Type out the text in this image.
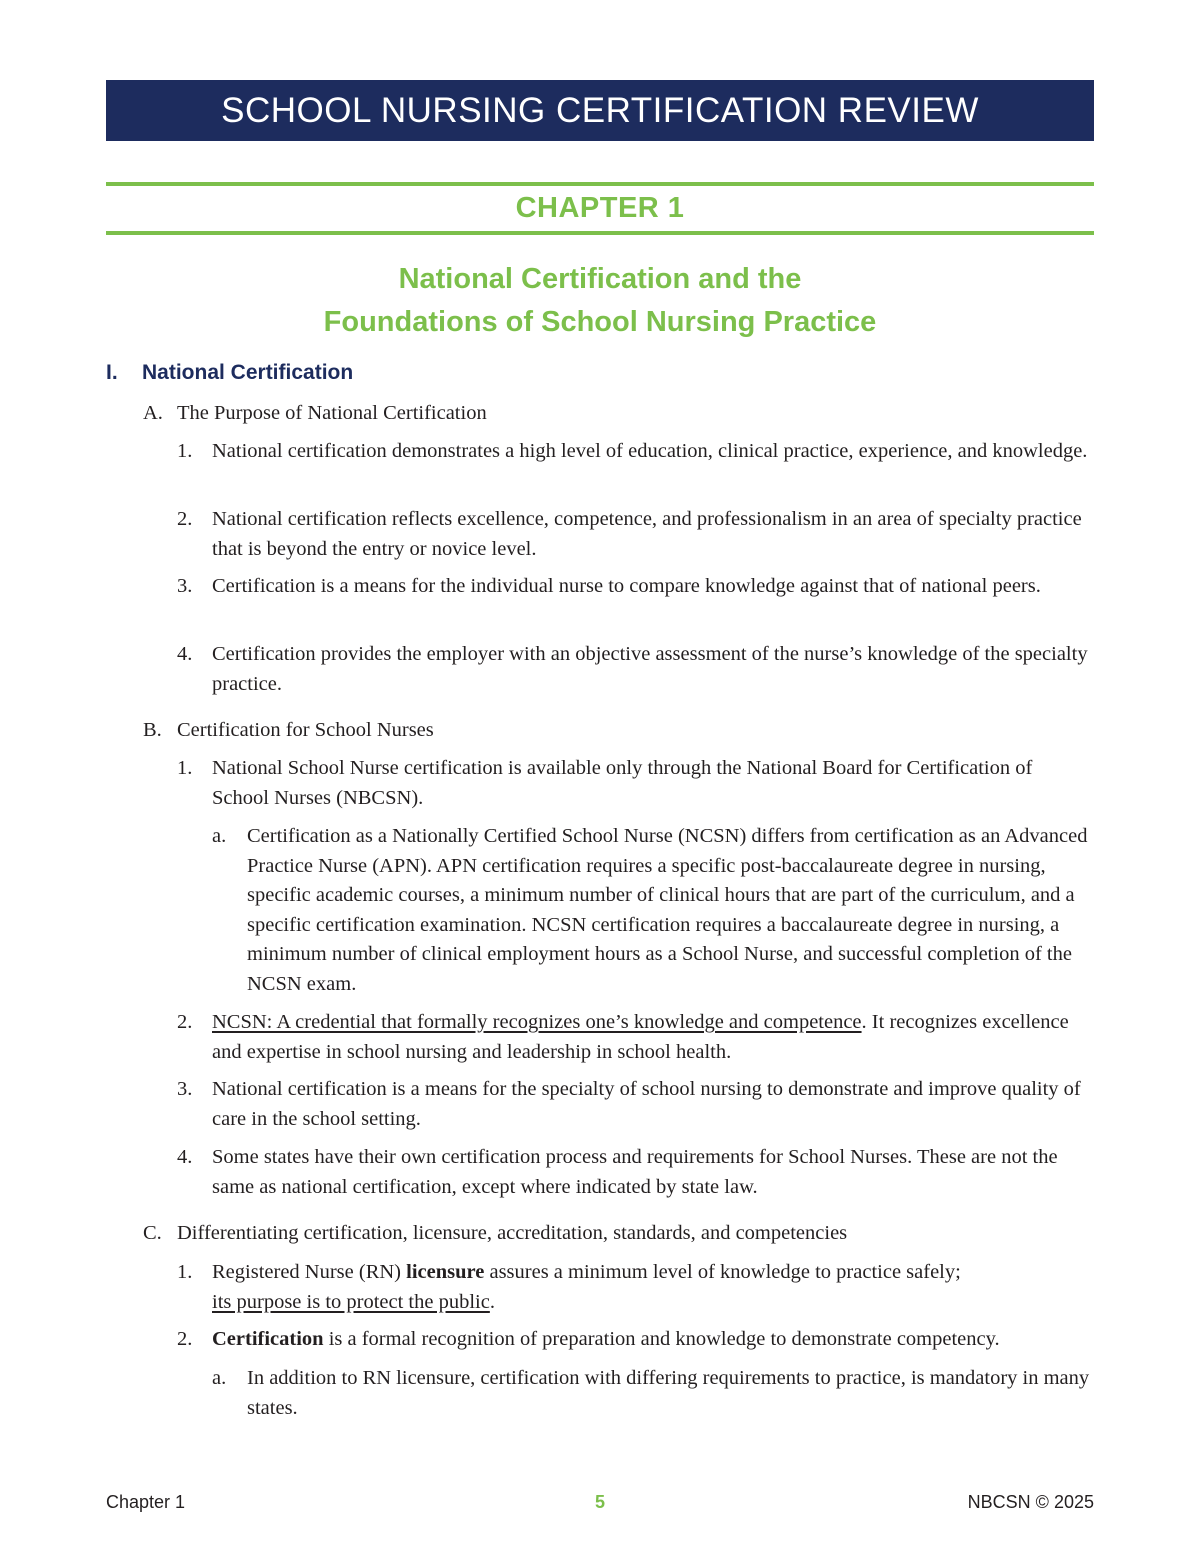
SCHOOL NURSING CERTIFICATION REVIEW
CHAPTER 1
National Certification and the
Foundations of School Nursing Practice
I. National Certification
A. The Purpose of National Certification
1. National certification demonstrates a high level of education, clinical practice, experience, and knowledge.
2. National certification reflects excellence, competence, and professionalism in an area of specialty practice that is beyond the entry or novice level.
3. Certification is a means for the individual nurse to compare knowledge against that of national peers.
4. Certification provides the employer with an objective assessment of the nurse’s knowledge of the specialty practice.
B. Certification for School Nurses
1. National School Nurse certification is available only through the National Board for Certification of School Nurses (NBCSN).
a. Certification as a Nationally Certified School Nurse (NCSN) differs from certification as an Advanced Practice Nurse (APN). APN certification requires a specific post-baccalaureate degree in nursing, specific academic courses, a minimum number of clinical hours that are part of the curriculum, and a specific certification examination. NCSN certification requires a baccalaureate degree in nursing, a minimum number of clinical employment hours as a School Nurse, and successful completion of the NCSN exam.
2. NCSN: A credential that formally recognizes one’s knowledge and competence. It recognizes excellence and expertise in school nursing and leadership in school health.
3. National certification is a means for the specialty of school nursing to demonstrate and improve quality of care in the school setting.
4. Some states have their own certification process and requirements for School Nurses. These are not the same as national certification, except where indicated by state law.
C. Differentiating certification, licensure, accreditation, standards, and competencies
1. Registered Nurse (RN) licensure assures a minimum level of knowledge to practice safely;
its purpose is to protect the public.
2. Certification is a formal recognition of preparation and knowledge to demonstrate competency.
a. In addition to RN licensure, certification with differing requirements to practice, is mandatory in many states.
Chapter 1	5	NBCSN © 2025
